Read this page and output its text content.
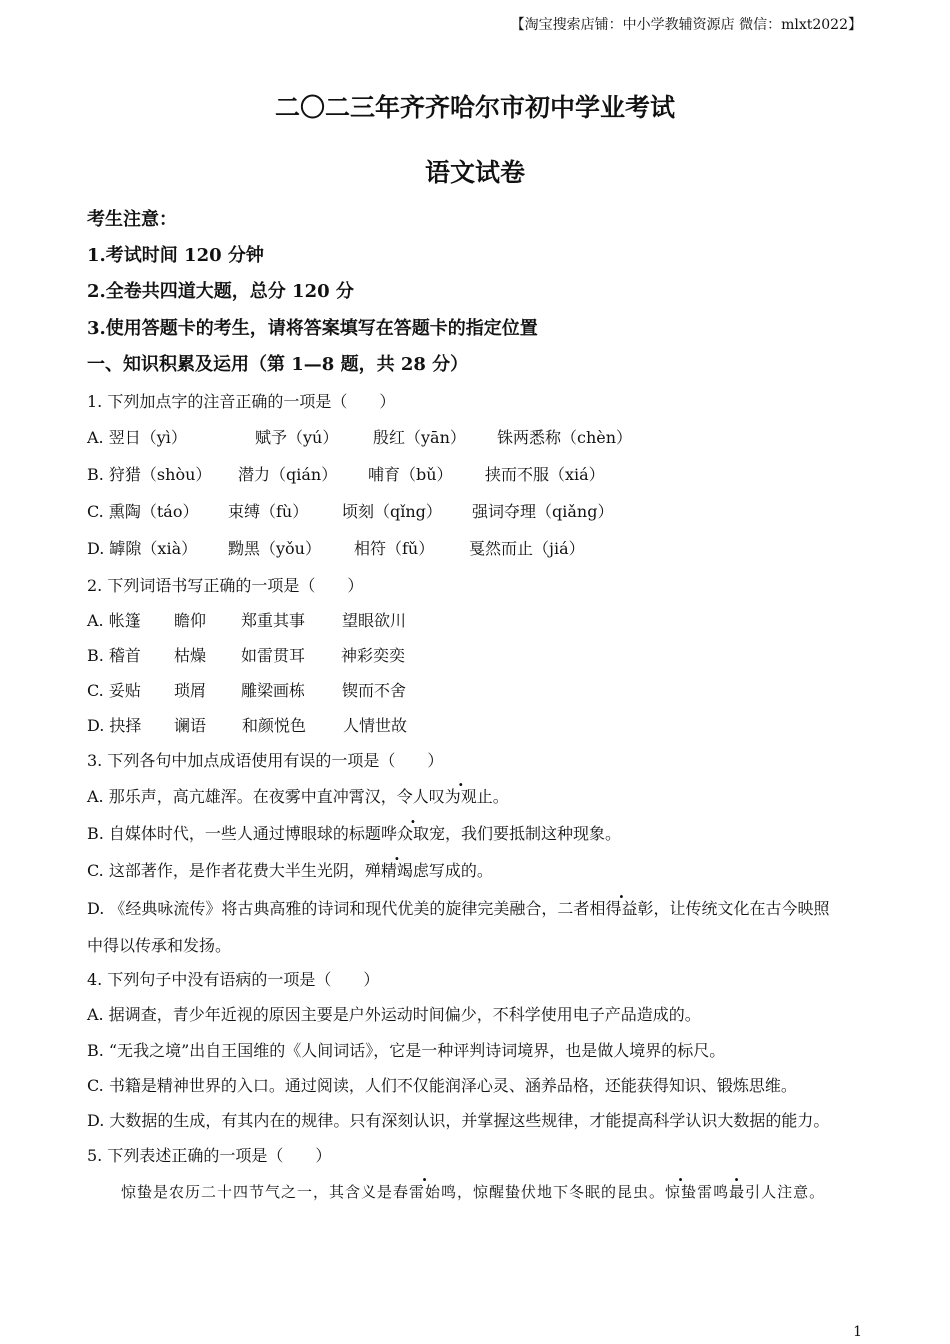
【淘宝搜索店铺：中小学教辅资源店 微信：mlxt2022】
二〇二三年齐齐哈尔市初中学业考试
语文试卷
考生注意：
1.考试时间 120 分钟
2.全卷共四道大题，总分 120 分
3.使用答题卡的考生，请将答案填写在答题卡的指定位置
一、知识积累及运用（第 1—8 题，共 28 分）
1. 下列加点字的注音正确的一项是（　　）
A. 翌日（yì）	赋予（yú） 殷红（yān） 铢两悉称（chèn）
B. 狩猎（shòu） 潜力（qián） 哺育（bǔ） 挟而不服（xiá）
C. 熏陶（táo） 束缚（fù） 顷刻（qǐng） 强词夺理（qiǎng）
D. 罅隙（xià） 黝黑（yǒu） 相符（fǔ） 戛然而止（jiá）
2. 下列词语书写正确的一项是（　　）
A. 帐篷 瞻仰 郑重其事 望眼欲川
B. 稽首 枯燥 如雷贯耳 神彩奕奕
C. 妥贴 琐屑 雕梁画栋 锲而不舍
D. 抉择 谰语 和颜悦色 人情世故
3. 下列各句中加点成语使用有误的一项是（　　）
A. 那乐声，高亢雄浑。在夜雾中直冲霄汉，令人叹为观止。
B. 自媒体时代，一些人通过博眼球的标题哗众取宠，我们要抵制这种现象。
C. 这部著作，是作者花费大半生光阴，殚精竭虑写成的。
D. 《经典咏流传》将古典高雅的诗词和现代优美的旋律完美融合，二者相得益彰，让传统文化在古今映照
中得以传承和发扬。
4. 下列句子中没有语病的一项是（　　）
A. 据调查，青少年近视的原因主要是户外运动时间偏少，不科学使用电子产品造成的。
B. “无我之境”出自王国维的《人间词话》，它是一种评判诗词境界，也是做人境界的标尺。
C. 书籍是精神世界的入口。通过阅读，人们不仅能润泽心灵、涵养品格，还能获得知识、锻炼思维。
D. 大数据的生成，有其内在的规律。只有深刻认识，并掌握这些规律，才能提高科学认识大数据的能力。
5. 下列表述正确的一项是（　　）
惊蛰是农历二十四节气之一，其含义是春雷始鸣，惊醒蛰伏地下冬眠的昆虫。惊蛰雷鸣最引人注意。
1
